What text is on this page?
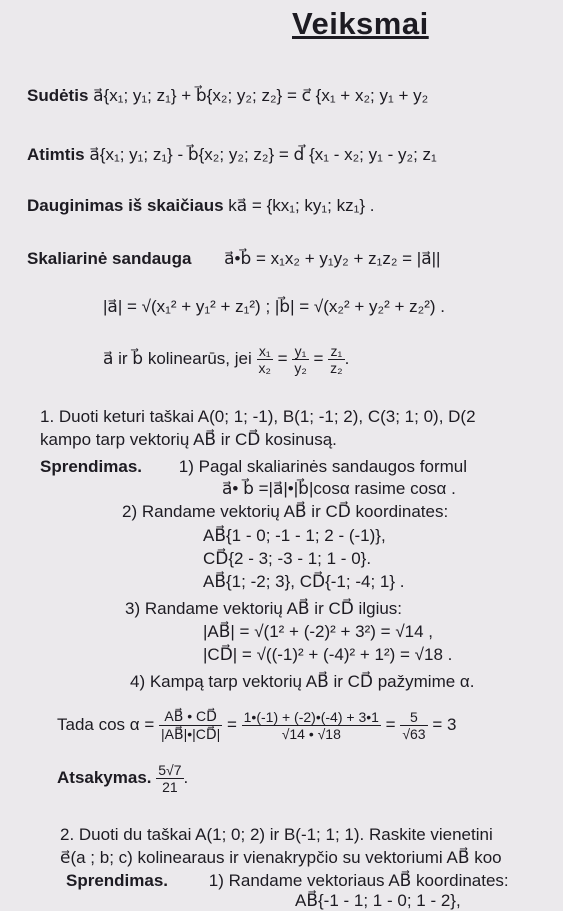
Veiksmai
Sudėtis a⃗{x₁; y₁; z₁} + b⃗{x₂; y₂; z₂} = c⃗ {x₁ + x₂; y₁ + y₂
Atimtis a⃗{x₁; y₁; z₁} - b⃗{x₂; y₂; z₂} = d⃗ {x₁ - x₂; y₁ - y₂; z₁
Dauginimas iš skaičiaus ka⃗ = {kx₁; ky₁; kz₁} .
Skaliarinė sandauga a⃗•b⃗ = x₁x₂ + y₁y₂ + z₁z₂ = |a⃗||
|a⃗| = √(x₁² + y₁² + z₁²) ; |b⃗| = √(x₂² + y₂² + z₂²) .
a⃗ ir b⃗ kolinearūs, jei $\frac{\text{x₁}}{\text{x₂}} = \frac{\text{y₁}}{\text{y₂}} = \frac{\text{z₁}}{\text{z₂}}$ .
1. Duoti keturi taškai A(0; 1; -1), B(1; -1; 2), C(3; 1; 0), D(2
kampo tarp vektorių AB⃗ ir CD⃗ kosinusą.
Sprendimas. 1) Pagal skaliarinės sandaugos formul
a⃗• b⃗ =|a⃗|•|b⃗|cosα rasime cosα .
2) Randame vektorių AB⃗ ir CD⃗ koordinates:
AB⃗{1 - 0; -1 - 1; 2 - (-1)},
CD⃗{2 - 3; -3 - 1; 1 - 0}.
AB⃗{1; -2; 3}, CD⃗{-1; -4; 1} .
3) Randame vektorių AB⃗ ir CD⃗ ilgius:
|AB⃗| = √(1² + (-2)² + 3²) = √14 ,
|CD⃗| = √((-1)² + (-4)² + 1²) = √18 .
4) Kampą tarp vektorių AB⃗ ir CD⃗ pažymime α.
Tada $\cos \alpha = \frac{AB⃗ • CD⃗}{|AB⃗|•|CD⃗|} = \frac{1•(-1) + (-2)•(-4) + 3•1}{√14 • √18} = \frac{5}{√63} = 3$
Atsakymas. $\frac{5√7}{21}$ .
2. Duoti du taškai A(1; 0; 2) ir B(-1; 1; 1). Raskite vienetini
e⃗(a ; b; c) kolinearaus ir vienakrypčio su vektoriumi AB⃗ koo
Sprendimas. 1) Randame vektoriaus AB⃗ koordinates:
AB⃗{-1 - 1; 1 - 0; 1 - 2},
